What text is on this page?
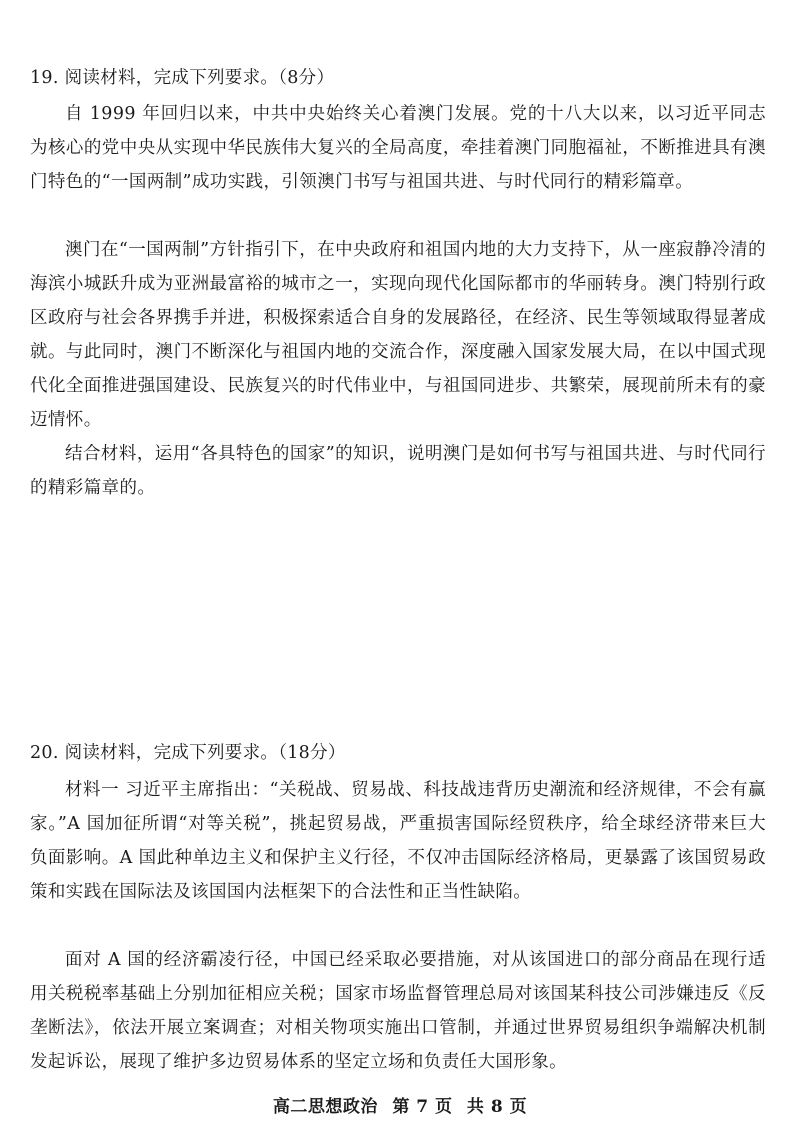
19. 阅读材料，完成下列要求。（8分）
自 1999 年回归以来，中共中央始终关心着澳门发展。党的十八大以来，以习近平同志为核心的党中央从实现中华民族伟大复兴的全局高度，牵挂着澳门同胞福祉，不断推进具有澳门特色的“一国两制”成功实践，引领澳门书写与祖国共进、与时代同行的精彩篇章。
澳门在“一国两制”方针指引下，在中央政府和祖国内地的大力支持下，从一座寂静冷清的海滨小城跃升成为亚洲最富裕的城市之一，实现向现代化国际都市的华丽转身。澳门特别行政区政府与社会各界携手并进，积极探索适合自身的发展路径，在经济、民生等领域取得显著成就。与此同时，澳门不断深化与祖国内地的交流合作，深度融入国家发展大局，在以中国式现代化全面推进强国建设、民族复兴的时代伟业中，与祖国同进步、共繁荣，展现前所未有的豪迈情怀。
结合材料，运用“各具特色的国家”的知识，说明澳门是如何书写与祖国共进、与时代同行的精彩篇章的。
20. 阅读材料，完成下列要求。（18分）
材料一 习近平主席指出：“关税战、贸易战、科技战违背历史潮流和经济规律，不会有赢家。”A 国加征所谓“对等关税”，挑起贸易战，严重损害国际经贸秩序，给全球经济带来巨大负面影响。A 国此种单边主义和保护主义行径，不仅冲击国际经济格局，更暴露了该国贸易政策和实践在国际法及该国国内法框架下的合法性和正当性缺陷。
面对 A 国的经济霸凌行径，中国已经采取必要措施，对从该国进口的部分商品在现行适用关税税率基础上分别加征相应关税；国家市场监督管理总局对该国某科技公司涉嫌违反《反垄断法》，依法开展立案调查；对相关物项实施出口管制，并通过世界贸易组织争端解决机制发起诉讼，展现了维护多边贸易体系的坚定立场和负责任大国形象。
高二思想政治 第 7 页 共 8 页
